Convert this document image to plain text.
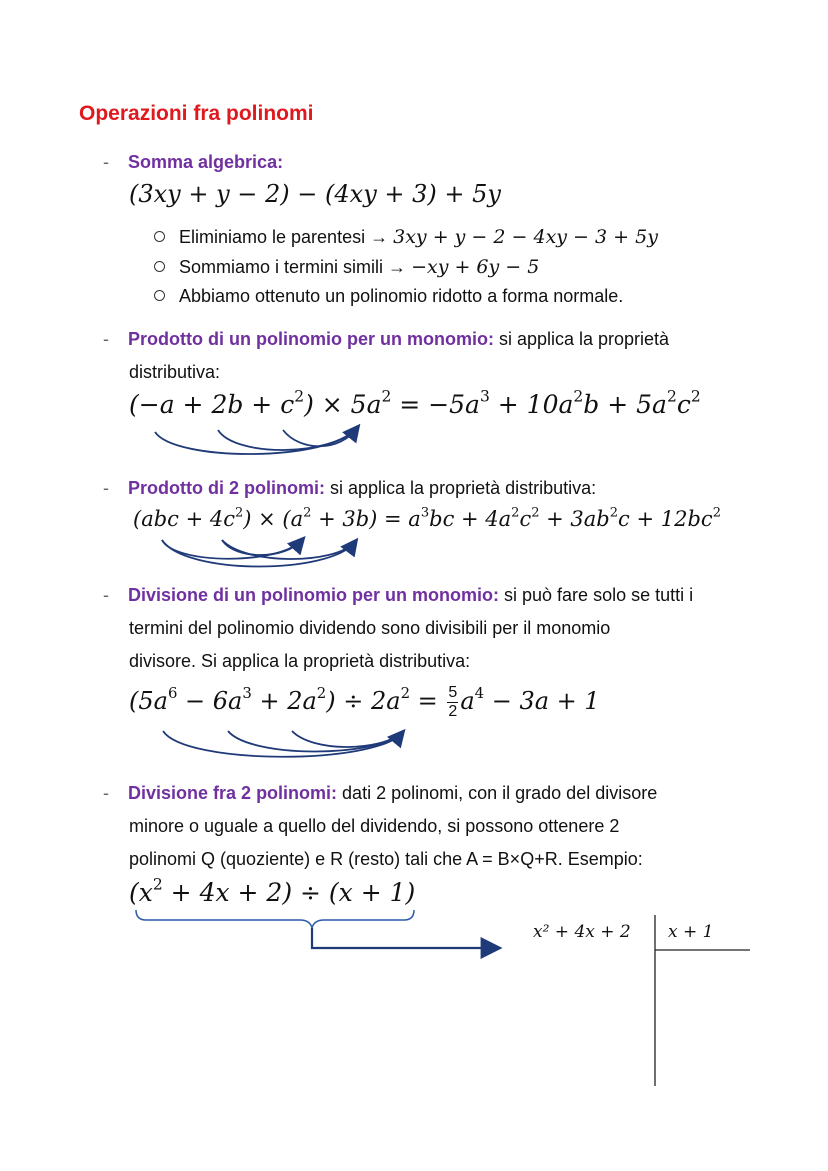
Operazioni fra polinomi
- Somma algebrica:
(3xy + y − 2) − (4xy + 3) + 5y
Eliminiamo le parentesi → 3xy + y − 2 − 4xy − 3 + 5y
Sommiamo i termini simili → −xy + 6y − 5
Abbiamo ottenuto un polinomio ridotto a forma normale.
- Prodotto di un polinomio per un monomio: si applica la proprietà
distributiva:
$(-a + 2b + c^2) \times 5a^2 = -5a^3 + 10a^2b + 5a^2c^2$
- Prodotto di 2 polinomi: si applica la proprietà distributiva:
$(abc + 4c^2) \times (a^2 + 3b) = a^3bc + 4a^2c^2 + 3ab^2c + 12bc^2$
- Divisione di un polinomio per un monomio: si può fare solo se tutti i
termini del polinomio dividendo sono divisibili per il monomio
divisore. Si applica la proprietà distributiva:
$(5a^6 - 6a^3 + 2a^2) \div 2a^2 = \frac{5}{2} a^4 - 3a + 1$
- Divisione fra 2 polinomi: dati 2 polinomi, con il grado del divisore
minore o uguale a quello del dividendo, si possono ottenere 2
polinomi Q (quoziente) e R (resto) tali che A = B×Q+R. Esempio:
$(x^2 + 4x + 2) \div (x + 1)$
x² + 4x + 2 x + 1
